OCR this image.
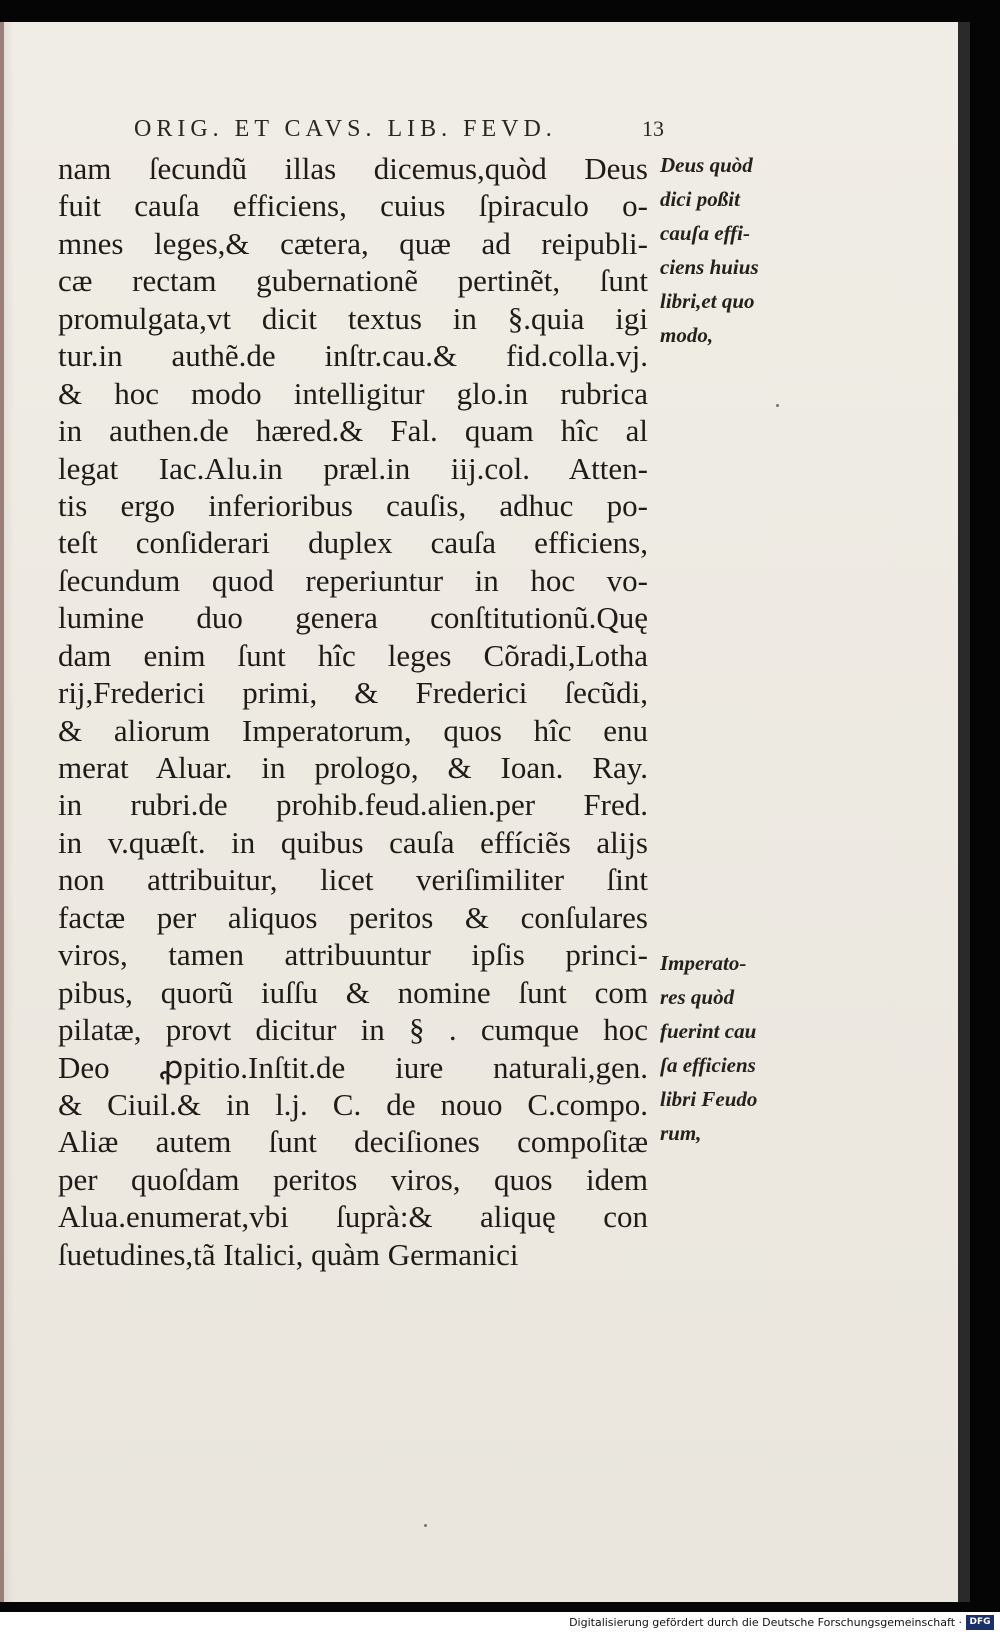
ORIG. ET CAVS. LIB. FEVD.	13
nam ſecundũ illas dicemus,quòd Deus
fuit cauſa efficiens, cuius ſpiraculo o-
mnes leges,& cætera, quæ ad reipubli-
cæ rectam gubernationẽ pertinẽt, ſunt
promulgata,vt dicit textus in §.quia igi
tur.in authẽ.de inſtr.cau.& fid.colla.vj.
& hoc modo intelligitur glo.in rubrica
in authen.de hæred.& Fal. quam hîc al
legat Iac.Alu.in præl.in iij.col. Atten-
tis ergo inferioribus cauſis, adhuc po-
teſt conſiderari duplex cauſa efficiens,
ſecundum quod reperiuntur in hoc vo-
lumine duo genera conſtitutionũ.Quę
dam enim ſunt hîc leges Cõradi,Lotha
rij,Frederici primi, & Frederici ſecũdi,
& aliorum Imperatorum, quos hîc enu
merat Aluar. in prologo, & Ioan. Ray.
in rubri.de prohib.feud.alien.per Fred.
in v.quæſt. in quibus cauſa effíciẽs alijs
non attribuitur, licet veriſimiliter ſint
factæ per aliquos peritos & conſulares
viros, tamen attribuuntur ipſis princi-
pibus, quorũ iuſſu & nomine ſunt com
pilatæ, provt dicitur in § . cumque hoc
Deo ꝓpitio.Inſtit.de iure naturali,gen.
& Ciuil.& in l.j. C. de nouo C.compo.
Aliæ autem ſunt deciſiones compoſitæ
per quoſdam peritos viros, quos idem
Alua.enumerat,vbi ſuprà:& aliquę con
ſuetudines,tã Italici, quàm Germanici
Deus quòd
dici poßit
cauſa effi-
ciens huius
libri,et quo
modo,
Imperato-
res quòd
fuerint cau
ſa efficiens
libri Feudo
rum,
Digitalisierung gefördert durch die Deutsche Forschungsgemeinschaft · DFG
